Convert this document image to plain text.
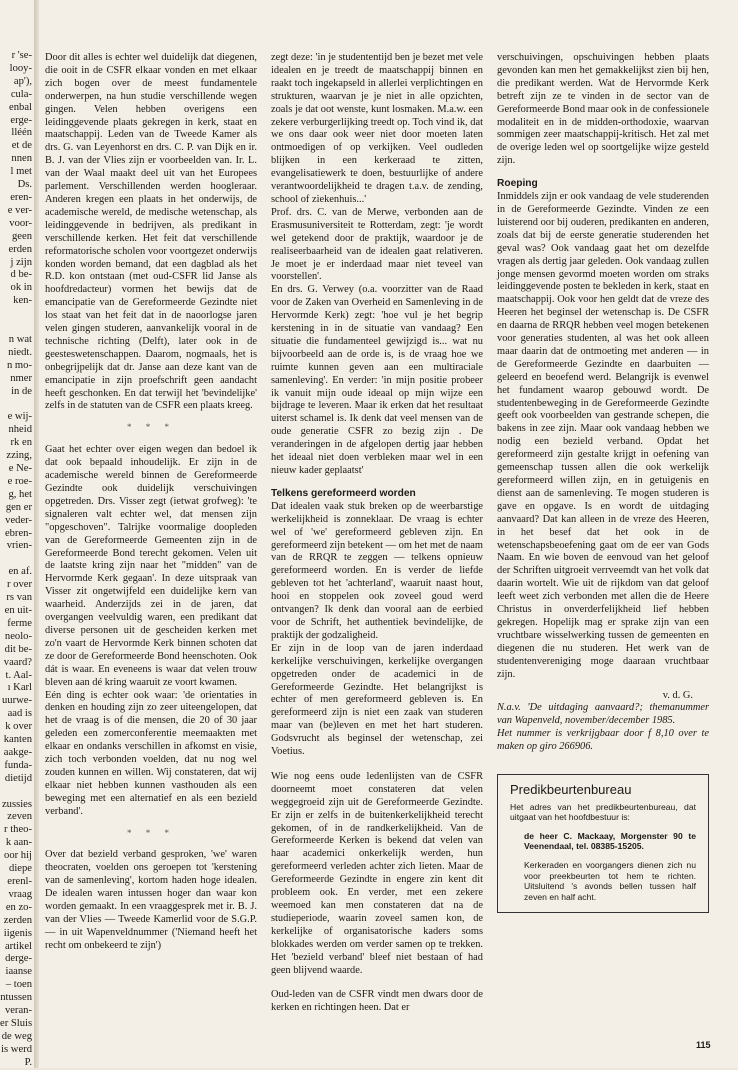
r 'se-
looy-
ap'),
cula-
enbal
erge-
lléén
et de
nnen
l met
Ds.
eren-
e ver-
voor-
geen
erden
j zijn
d be-
ok in
ken-

n wat
niedt.
n mo-
nmer
in de

e wij-
nheid
rk en
zzing,
e Ne-
e roe-
g, het
gen er
veder-
ebren-
vrien-

en af.
r over
rs van
en uit-
ferme
neolo-
dit be-
vaard?
t. Aal-
ı Karl
uurwe-
aad is
k over
kanten
aakge-
funda-
dietijd

zussies
zeven
r theo-
k aan-
oor hij
diepe
erenl-
vraag
en zo-
zerden
iigenis
artikel
derge-
iaanse
– toen
ntussen
veran-
er Sluis
de weg
is werd
P.

Door dit alles is echter wel duidelijk dat diegenen, die ooit in de CSFR elkaar vonden en met elkaar zich bogen over de meest fundamentele onderwerpen, na hun studie verschillende wegen gingen. Velen hebben overigens een leidinggevende plaats gekregen in kerk, staat en maatschappij. Leden van de Tweede Kamer als drs. G. van Leyenhorst en drs. C. P. van Dijk en ir. B. J. van der Vlies zijn er voorbeelden van. Ir. L. van der Waal maakt deel uit van het Europees parlement. Verschillenden werden hoogleraar. Anderen kregen een plaats in het onderwijs, de academische wereld, de medische wetenschap, als leidinggevende in bedrijven, als predikant in verschillende kerken. Het feit dat verschillende reformatorische scholen voor voortgezet onderwijs konden worden bemand, dat een dagblad als het R.D. kon ontstaan (met oud-CSFR lid Janse als hoofdredacteur) vormen het bewijs dat de emancipatie van de Gereformeerde Gezindte niet los staat van het feit dat in de naoorlogse jaren velen gingen studeren, aanvankelijk vooral in de technische richting (Delft), later ook in de geesteswetenschappen. Daarom, nogmaals, het is onbegrijpelijk dat dr. Janse aan deze kant van de emancipatie in zijn proefschrift geen aandacht heeft geschonken. En dat terwijl het 'bevindelijke' zelfs in de statuten van de CSFR een plaats kreeg.

* * *

Gaat het echter over eigen wegen dan bedoel ik dat ook bepaald inhoudelijk. Er zijn in de academische wereld binnen de Gereformeerde Gezindte ook duidelijk verschuivingen opgetreden. Drs. Visser zegt (ietwat grofweg): 'te signaleren valt echter wel, dat mensen zijn "opgeschoven". Talrijke voormalige doopleden van de Gereformeerde Gemeenten zijn in de Gereformeerde Bond terecht gekomen. Velen uit de laatste kring zijn naar het "midden" van de Hervormde Kerk gegaan'. In deze uitspraak van Visser zit ongetwijfeld een duidelijke kern van waarheid. Anderzijds zei in de jaren, dat overgangen veelvuldig waren, een predikant dat diverse personen uit de gescheiden kerken met zo'n vaart de Hervormde Kerk binnen schoten dat ze door de Gereformeerde Bond heenschoten. Ook dát is waar. En eveneens is waar dat velen trouw bleven aan dé kring waaruit ze voort kwamen.

Eén ding is echter ook waar: 'de orientaties in denken en houding zijn zo zeer uiteengelopen, dat het de vraag is of die mensen, die 20 of 30 jaar geleden een zomerconferentie meemaakten met elkaar en ondanks verschillen in afkomst en visie, zich toch verbonden voelden, dat nu nog wel zouden kunnen en willen. Wij constateren, dat wij elkaar niet hebben kunnen vasthouden als een beweging met een alternatief en als een bezield verband'.

* * *

Over dat bezield verband gesproken, 'we' waren theocraten, voelden ons geroepen tot 'kerstening van de samenleving', kortom haden hoge idealen. De idealen waren intussen hoger dan waar kon worden gemaakt. In een vraaggesprek met ir. B. J. van der Vlies — Tweede Kamerlid voor de S.G.P. — in uit Wapenveldnummer ('Niemand heeft het recht om onbekeerd te zijn')

zegt deze: 'in je studententijd ben je bezet met vele idealen en je treedt de maatschappij binnen en raakt toch ingekapseld in allerlei verplichtingen en strukturen, waarvan je je niet in alle opzichten, zoals je dat oot wenste, kunt losmaken. M.a.w. een zekere verburgerlijking treedt op. Toch vind ik, dat we ons daar ook weer niet door moeten laten ontmoedigen of op verkijken. Veel oudleden blijken in een kerkeraad te zitten, evangelisatiewerk te doen, bestuurlijke of andere verantwoordelijkheid te dragen t.a.v. de zending, school of ziekenhuis...'

Prof. drs. C. van de Merwe, verbonden aan de Erasmusuniversiteit te Rotterdam, zegt: 'je wordt wel getekend door de praktijk, waardoor je de realiseerbaarheid van de idealen gaat relativeren. Je moet je er inderdaad maar niet teveel van voorstellen'.

En drs. G. Verwey (o.a. voorzitter van de Raad voor de Zaken van Overheid en Samenleving in de Hervormde Kerk) zegt: 'hoe vul je het begrip kerstening in in de situatie van vandaag? Een situatie die fundamenteel gewijzigd is... wat nu bijvoorbeeld aan de orde is, is de vraag hoe we ruimte kunnen geven aan een multiraciale samenleving'. En verder: 'in mijn positie probeer ik vanuit mijn oude ideaal op mijn wijze een bijdrage te leveren. Maar ik erken dat het resultaat uiterst schamel is. Ik denk dat veel mensen van de oude generatie CSFR zo bezig zijn . De veranderingen in de afgelopen dertig jaar hebben het ideaal niet doen verbleken maar wel in een nieuw kader geplaatst'

Telkens gereformeerd worden

Dat idealen vaak stuk breken op de weerbarstige werkelijkheid is zonneklaar. De vraag is echter wel of 'we' gereformeerd gebleven zijn. En gereformeerd zijn betekent — om het met de naam van de RRQR te zeggen — telkens opnieuw gereformeerd worden. En is verder de liefde gebleven tot het 'achterland', waaruit naast hout, hooi en stoppelen ook zoveel goud werd ontvangen? Ik denk dan vooral aan de eerbied voor de Schrift, het authentiek bevindelijke, de praktijk der godzaligheid.

Er zijn in de loop van de jaren inderdaad kerkelijke verschuivingen, kerkelijke overgangen opgetreden onder de academici in de Gereformeerde Gezindte. Het belangrijkst is echter of men gereformeerd gebleven is. En gereformeerd zijn is niet een zaak van studeren maar van (be)leven en met het hart studeren. Godsvrucht als beginsel der wetenschap, zei Voetius.

Wie nog eens oude ledenlijsten van de CSFR doorneemt moet constateren dat velen weggegroeid zijn uit de Gereformeerde Gezindte. Er zijn er zelfs in de buitenkerkelijkheid terecht gekomen, of in de randkerkelijkheid. Van de Gereformeerde Kerken is bekend dat velen van haar academici onkerkelijk werden, hun gereformeerd verleden achter zich lieten. Maar de Gereformeerde Gezindte in engere zin kent dit probleem ook. En verder, met een zekere weemoed kan men constateren dat na de studieperiode, waarin zoveel samen kon, de kerkelijke of organisatorische kaders soms blokkades werden om verder samen op te trekken. Het 'bezield verband' bleef niet bestaan of had geen blijvend waarde.

Oud-leden van de CSFR vindt men dwars door de kerken en richtingen heen. Dat er

verschuivingen, opschuivingen hebben plaats gevonden kan men het gemakkelijkst zien bij hen, die predikant werden. Wat de Hervormde Kerk betreft zijn ze te vinden in de sector van de Gereformeerde Bond maar ook in de confessionele modaliteit en in de midden-orthodoxie, waarvan sommigen zeer maatschappij-kritisch. Het zal met de overige leden wel op soortgelijke wijze gesteld zijn.

Roeping

Inmiddels zijn er ook vandaag de vele studerenden in de Gereformeerde Gezindte. Vinden ze een luisterend oor bij ouderen, predikanten en anderen, zoals dat bij de eerste generatie studerenden het geval was? Ook vandaag gaat het om dezelfde vragen als dertig jaar geleden. Ook vandaag zullen jonge mensen gevormd moeten worden om straks leidinggevende posten te bekleden in kerk, staat en maatschappij. Ook voor hen geldt dat de vreze des Heeren het beginsel der wetenschap is. De CSFR en daarna de RRQR hebben veel mogen betekenen voor generaties studenten, al was het ook alleen maar daarin dat de ontmoeting met anderen — in de Gereformeerde Gezindte en daarbuiten — geleerd en beoefend werd. Belangrijk is evenwel het fundament waarop gebouwd wordt. De studentenbeweging in de Gereformeerde Gezindte geeft ook voorbeelden van gestrande schepen, die bakens in zee zijn. Maar ook vandaag hebben we nodig een bezield verband. Opdat het gereformeerd zijn gestalte krijgt in oefening van gemeenschap tussen allen die ook werkelijk gereformeerd willen zijn, en in getuigenis en dienst aan de samenleving. Te mogen studeren is gave en opgave. Is en wordt de uitdaging aanvaard? Dat kan alleen in de vreze des Heeren, in het besef dat het ook in de wetenschapsbeoefening gaat om de eer van Gods Naam. En wie boven de eenvoud van het geloof der Schriften uitgroeit verrveemdt van het volk dat daarin wortelt. Wie uit de rijkdom van dat geloof leeft weet zich verbonden met allen die de Heere Christus in onverderfelijkheid lief hebben gekregen. Hopelijk mag er sprake zijn van een vruchtbare wisselwerking tussen de gemeenten en diegenen die nu studeren. Het werk van de studentenvereniging moge daaraan vruchtbaar zijn.

v. d. G.

N.a.v. 'De uitdaging aanvaard?; themanummer van Wapenveld, november/december 1985.

Het nummer is verkrijgbaar door f 8,10 over te maken op giro 266906.

Predikbeurtenbureau
Het adres van het predikbeurtenbureau, dat uitgaat van het hoofdbestuur is:
de heer C. Mackaay, Morgenster 90 te Veenendaal, tel. 08385-15205.
Kerkeraden en voorgangers dienen zich nu voor preekbeurten tot hem te richten. Uitsluitend 's avonds bellen tussen half zeven en half acht.
115
